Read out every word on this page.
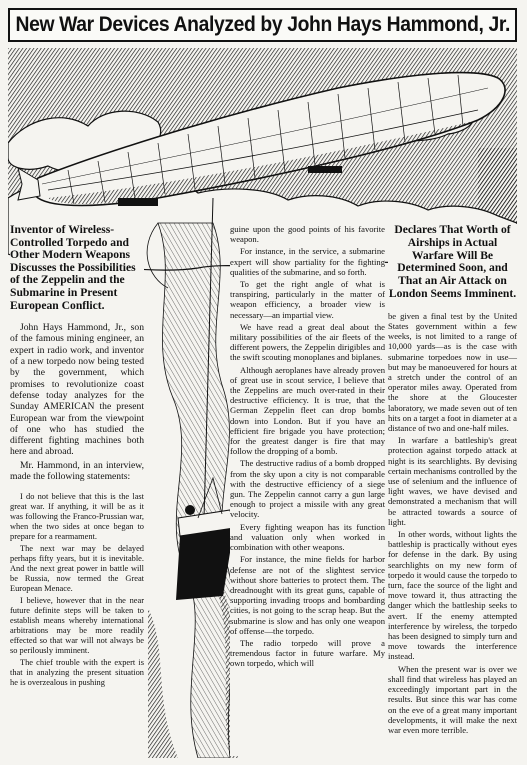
New War Devices Analyzed by John Hays Hammond, Jr.
Inventor of Wireless-Controlled Torpedo and Other Modern Weapons Discusses the Possibilities of the Zeppelin and the Submarine in Present European Conflict.

John Hays Hammond, Jr., son of the famous mining engineer, an expert in radio work, and inventor of a new torpedo now being tested by the government, which promises to revolutionize coast defense today analyzes for the Sunday AMERICAN the present European war from the viewpoint of one who has studied the different fighting machines both here and abroad.

Mr. Hammond, in an interview, made the following statements:

I do not believe that this is the last great war. If anything, it will be as it was following the Franco-Prussian war, when the two sides at once began to prepare for a rearmament.

The next war may be delayed perhaps fifty years, but it is inevitable. And the next great power in battle will be Russia, now termed the Great European Menace.

I believe, however that in the near future definite steps will be taken to establish means whereby international arbitrations may be more readily effected so that war will not always be so perilously imminent.

The chief trouble with the expert is that in analyzing the present situation he is overzealous in pushing

guine upon the good points of his favorite weapon.

For instance, in the service, a submarine expert will show partiality for the fighting qualities of the submarine, and so forth.

To get the right angle of what is transpiring, particularly in the matter of weapon efficiency, a broader view is necessary—an impartial view.

We have read a great deal about the military possibilities of the air fleets of the different powers, the Zeppelin dirigibles and the swift scouting monoplanes and biplanes.

Although aeroplanes have already proven of great use in scout service, I believe that the Zeppelins are much over-rated in their destructive efficiency. It is true, that the German Zeppelin fleet can drop bombs down into London. But if you have an efficient fire brigade you have protection; for the greatest danger is fire that may follow the dropping of a bomb.

The destructive radius of a bomb dropped from the sky upon a city is not comparable with the destructive efficiency of a siege gun. The Zeppelin cannot carry a gun large enough to project a missile with any great velocity.

Every fighting weapon has its function and valuation only when worked in combination with other weapons.

For instance, the mine fields for harbor defense are not of the slightest service without shore batteries to protect them. The dreadnought with its great guns, capable of supporting invading troops and bombarding cities, is not going to the scrap heap. But the submarine is slow and has only one weapon of offense—the torpedo.

The radio torpedo will prove a tremendous factor in future warfare. My own torpedo, which will

Declares That Worth of Airships in Actual Warfare Will Be Determined Soon, and That an Air Attack on London Seems Imminent.

be given a final test by the United States government within a few weeks, is not limited to a range of 10,000 yards—as is the case with submarine torpedoes now in use—but may be manoeuvered for hours at a stretch under the control of an operator miles away. Operated from the shore at the Gloucester laboratory, we made seven out of ten hits on a target a foot in diameter at a distance of two and one-half miles.

In warfare a battleship's great protection against torpedo attack at night is its searchlights. By devising certain mechanisms controlled by the use of selenium and the influence of light waves, we have devised and demonstrated a mechanism that will be attracted towards a source of light.

In other words, without lights the battleship is practically without eyes for defense in the dark. By using searchlights on my new form of torpedo it would cause the torpedo to turn, face the source of the light and move toward it, thus attracting the danger which the battleship seeks to avert. If the enemy attempted interference by wireless, the torpedo has been designed to simply turn and move towards the interference instead.

When the present war is over we shall find that wireless has played an exceedingly important part in the results. But since this war has come on the eve of a great many important developments, it will make the next war even more terrible.
